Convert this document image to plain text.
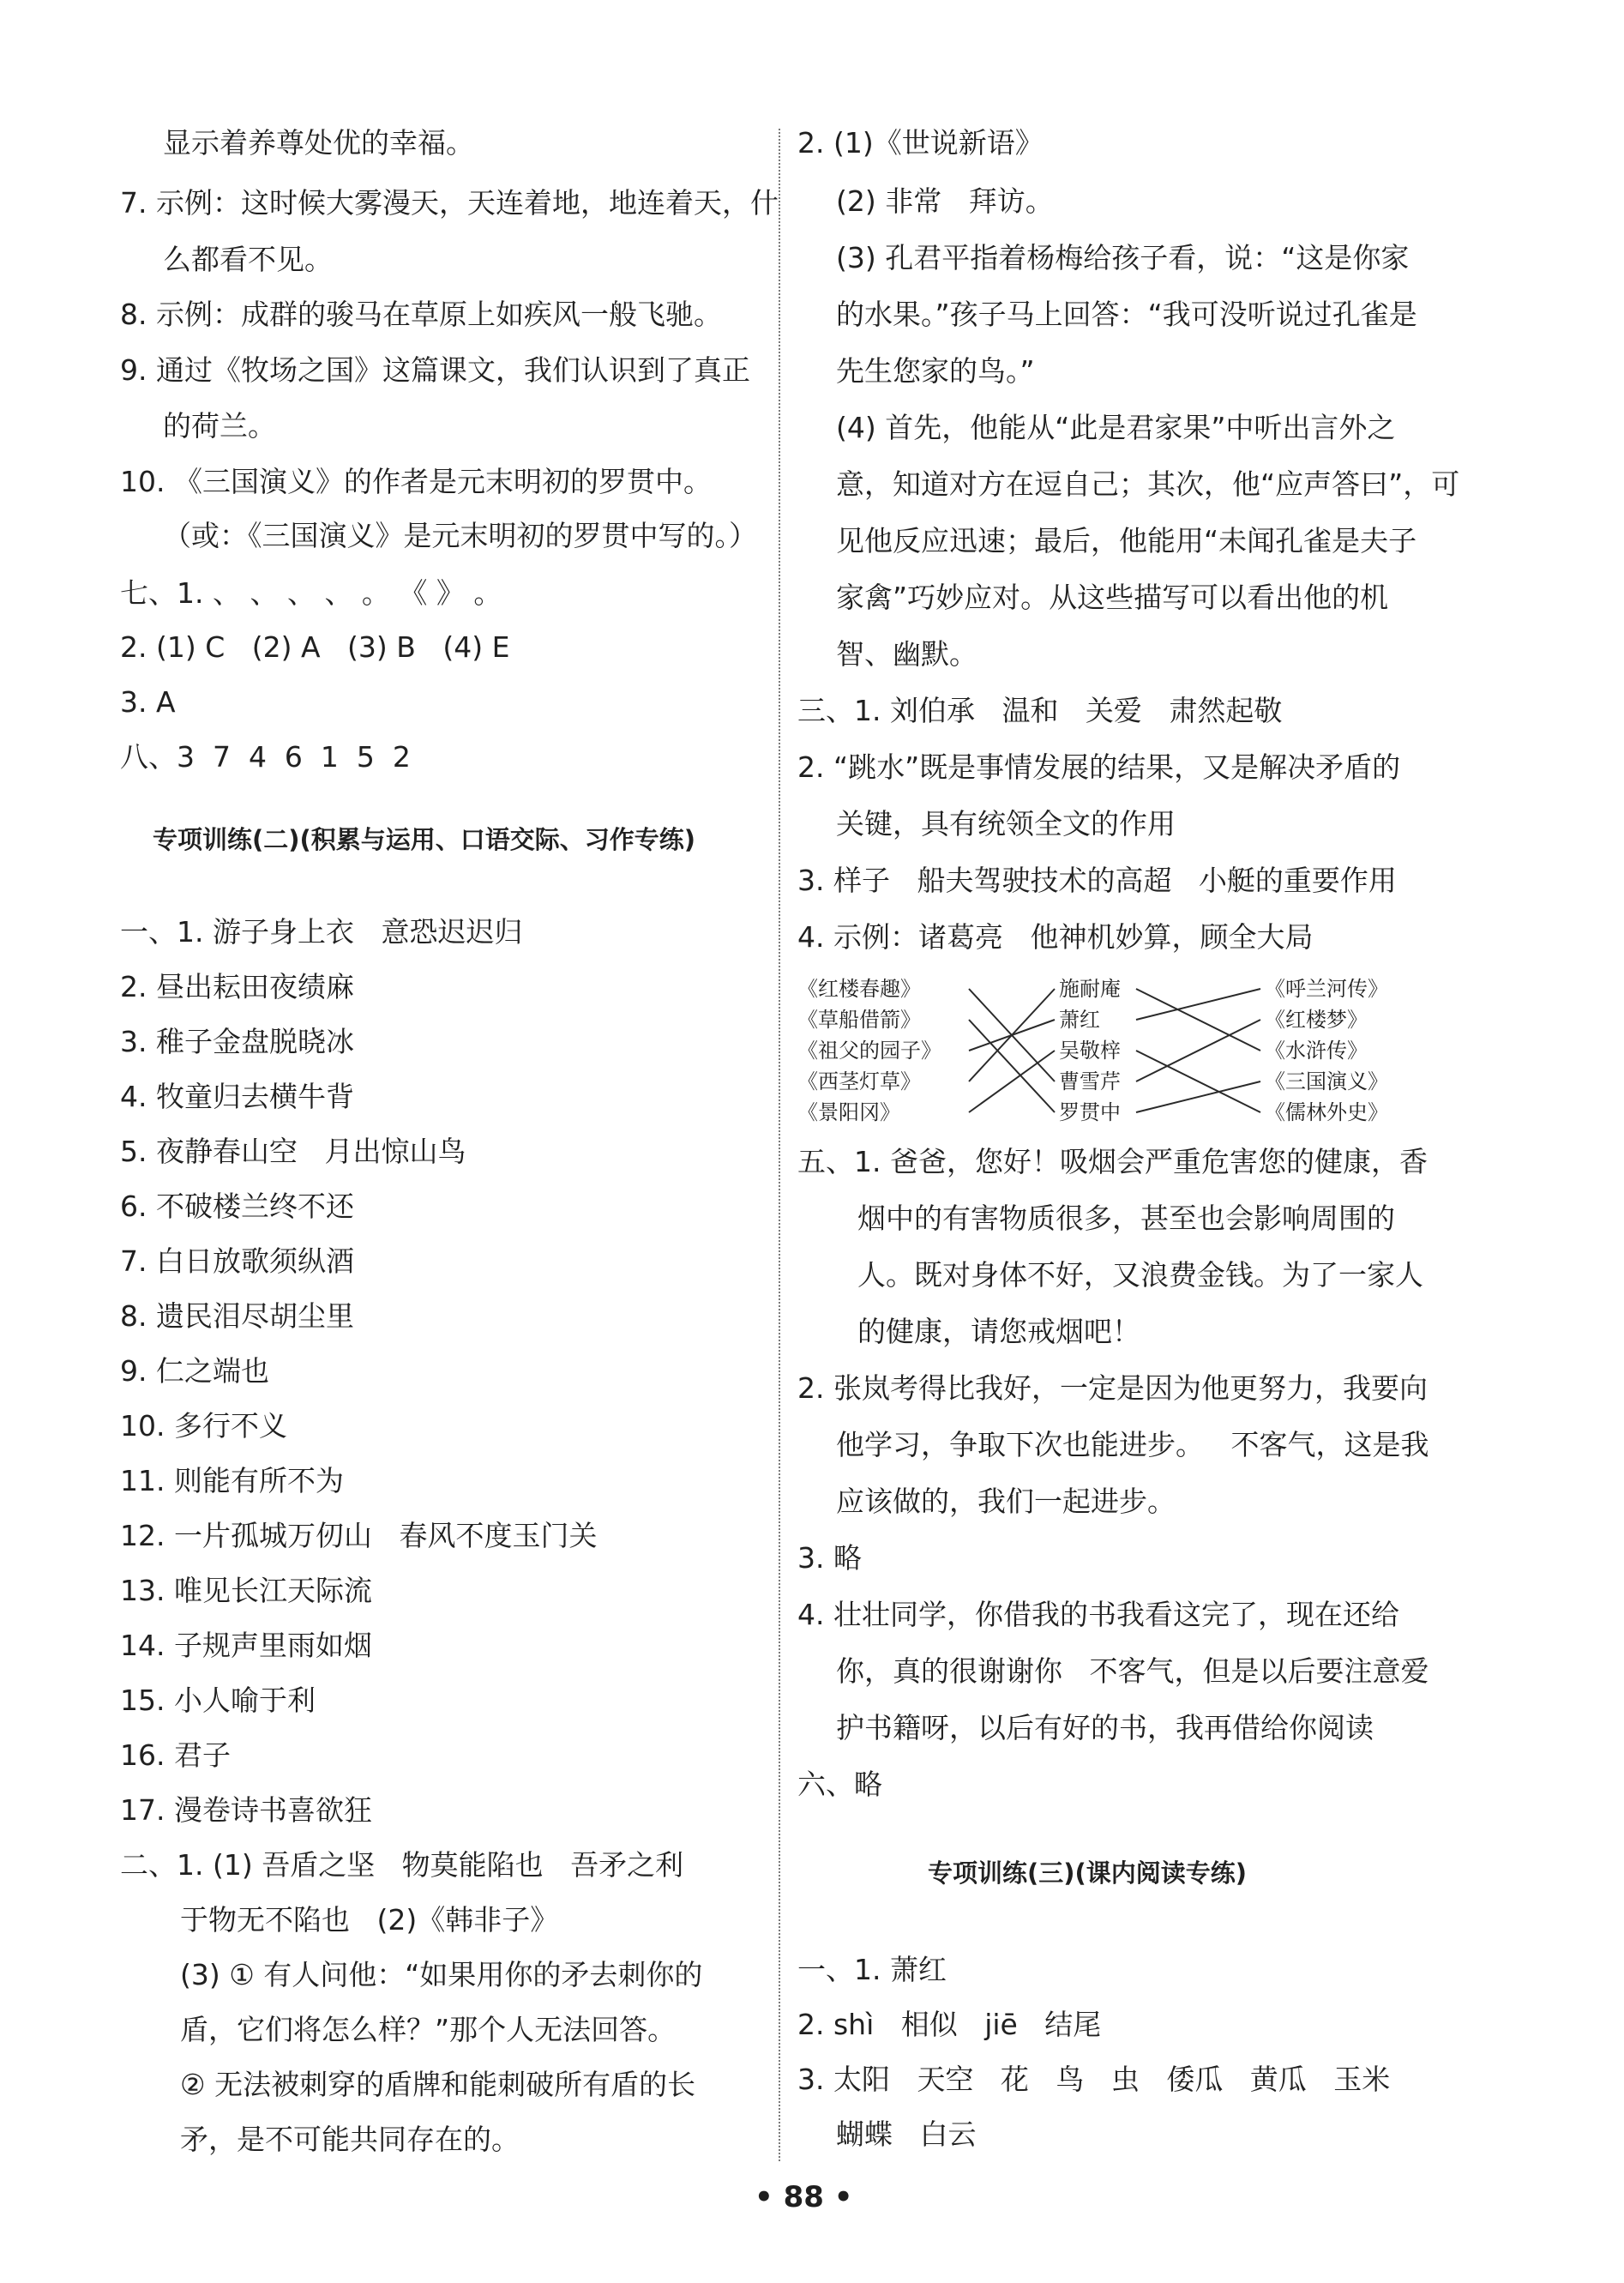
显示着养尊处优的幸福。
7. 示例：这时候大雾漫天，天连着地，地连着天，什
么都看不见。
8. 示例：成群的骏马在草原上如疾风一般飞驰。
9. 通过《牧场之国》这篇课文，我们认识到了真正
的荷兰。
10. 《三国演义》的作者是元末明初的罗贯中。
（或：《三国演义》是元末明初的罗贯中写的。）
七、1. 、 、 、 、 。 《 》 。
2. (1) C   (2) A   (3) B   (4) E
3. A
八、3  7  4  6  1  5  2
专项训练(二)(积累与运用、口语交际、习作专练)
一、1. 游子身上衣   意恐迟迟归
2. 昼出耘田夜绩麻
3. 稚子金盘脱晓冰
4. 牧童归去横牛背
5. 夜静春山空   月出惊山鸟
6. 不破楼兰终不还
7. 白日放歌须纵酒
8. 遗民泪尽胡尘里
9. 仁之端也
10. 多行不义
11. 则能有所不为
12. 一片孤城万仞山   春风不度玉门关
13. 唯见长江天际流
14. 子规声里雨如烟
15. 小人喻于利
16. 君子
17. 漫卷诗书喜欲狂
二、1. (1) 吾盾之坚   物莫能陷也   吾矛之利
于物无不陷也   (2)《韩非子》
(3) ① 有人问他：“如果用你的矛去刺你的
盾，它们将怎么样？”那个人无法回答。
② 无法被刺穿的盾牌和能刺破所有盾的长
矛，是不可能共同存在的。
2. (1)《世说新语》
(2) 非常   拜访。
(3) 孔君平指着杨梅给孩子看，说：“这是你家
的水果。”孩子马上回答：“我可没听说过孔雀是
先生您家的鸟。”
(4) 首先，他能从“此是君家果”中听出言外之
意，知道对方在逗自己；其次，他“应声答曰”，可
见他反应迅速；最后，他能用“未闻孔雀是夫子
家禽”巧妙应对。从这些描写可以看出他的机
智、幽默。
三、1. 刘伯承   温和   关爱   肃然起敬
2. “跳水”既是事情发展的结果，又是解决矛盾的
关键，具有统领全文的作用
3. 样子   船夫驾驶技术的高超   小艇的重要作用
4. 示例：诸葛亮   他神机妙算，顾全大局
《红楼春趣》
《草船借箭》
《祖父的园子》
《西茎灯草》
《景阳冈》
施耐庵
萧红
吴敬梓
曹雪芹
罗贯中
《呼兰河传》
《红楼梦》
《水浒传》
《三国演义》
《儒林外史》
五、1. 爸爸，您好！吸烟会严重危害您的健康，香
烟中的有害物质很多，甚至也会影响周围的
人。既对身体不好，又浪费金钱。为了一家人
的健康，请您戒烟吧！
2. 张岚考得比我好，一定是因为他更努力，我要向
他学习，争取下次也能进步。   不客气，这是我
应该做的，我们一起进步。
3. 略
4. 壮壮同学，你借我的书我看这完了，现在还给
你，真的很谢谢你   不客气，但是以后要注意爱
护书籍呀，以后有好的书，我再借给你阅读
六、略
专项训练(三)(课内阅读专练)
一、1. 萧红
2. shì   相似   jiē   结尾
3. 太阳   天空   花   鸟   虫   倭瓜   黄瓜   玉米
蝴蝶   白云
• 88 •
